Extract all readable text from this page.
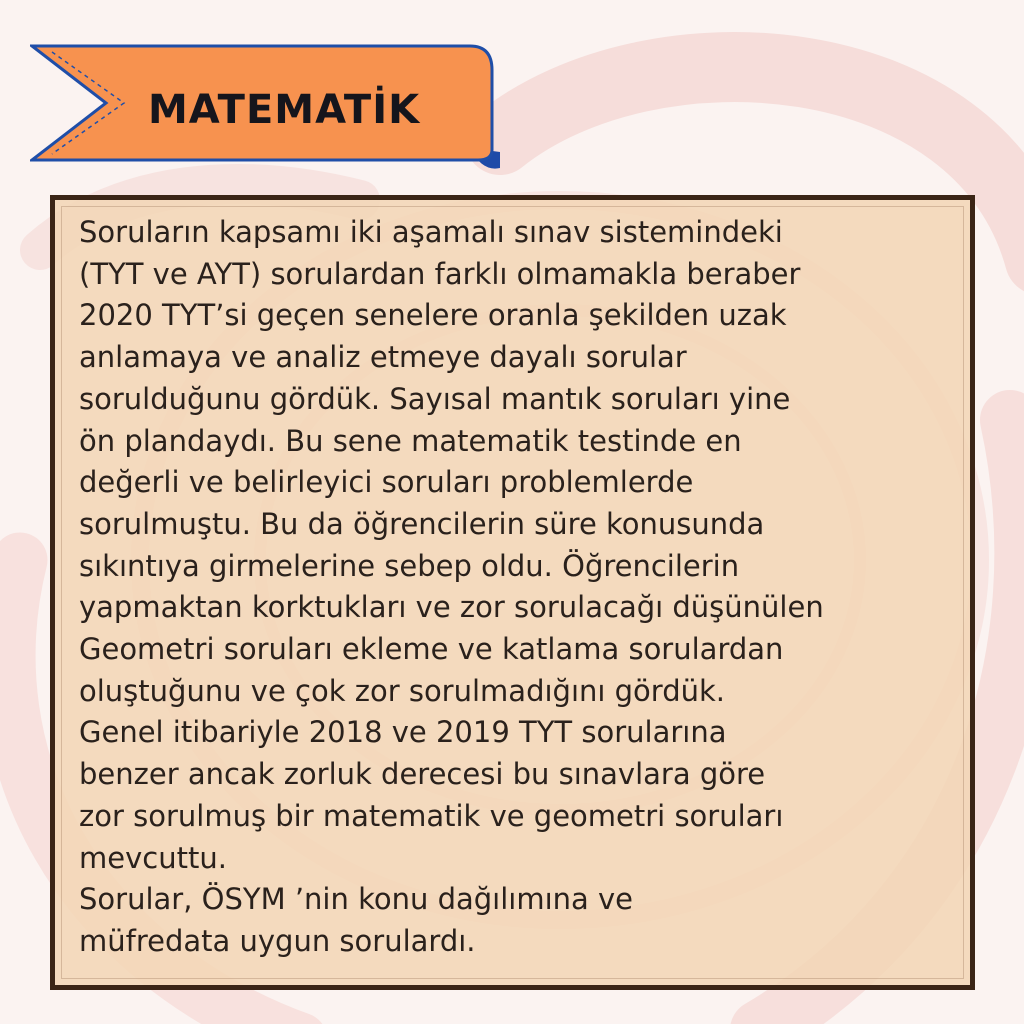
MATEMATİK

Soruların kapsamı iki aşamalı sınav sistemindeki
(TYT ve AYT) sorulardan farklı olmamakla beraber
2020 TYT’si geçen senelere oranla şekilden uzak
anlamaya ve analiz etmeye dayalı sorular
sorulduğunu gördük. Sayısal mantık soruları yine
ön plandaydı. Bu sene matematik testinde en
değerli ve belirleyici soruları problemlerde
sorulmuştu. Bu da öğrencilerin süre konusunda
sıkıntıya girmelerine sebep oldu. Öğrencilerin
yapmaktan korktukları ve zor sorulacağı düşünülen
Geometri soruları ekleme ve katlama sorulardan
oluştuğunu ve çok zor sorulmadığını gördük.
Genel itibariyle 2018 ve 2019 TYT sorularına
benzer ancak zorluk derecesi bu sınavlara göre
zor sorulmuş bir matematik ve geometri soruları
mevcuttu.
Sorular, ÖSYM ’nin konu dağılımına ve
müfredata uygun sorulardı.
